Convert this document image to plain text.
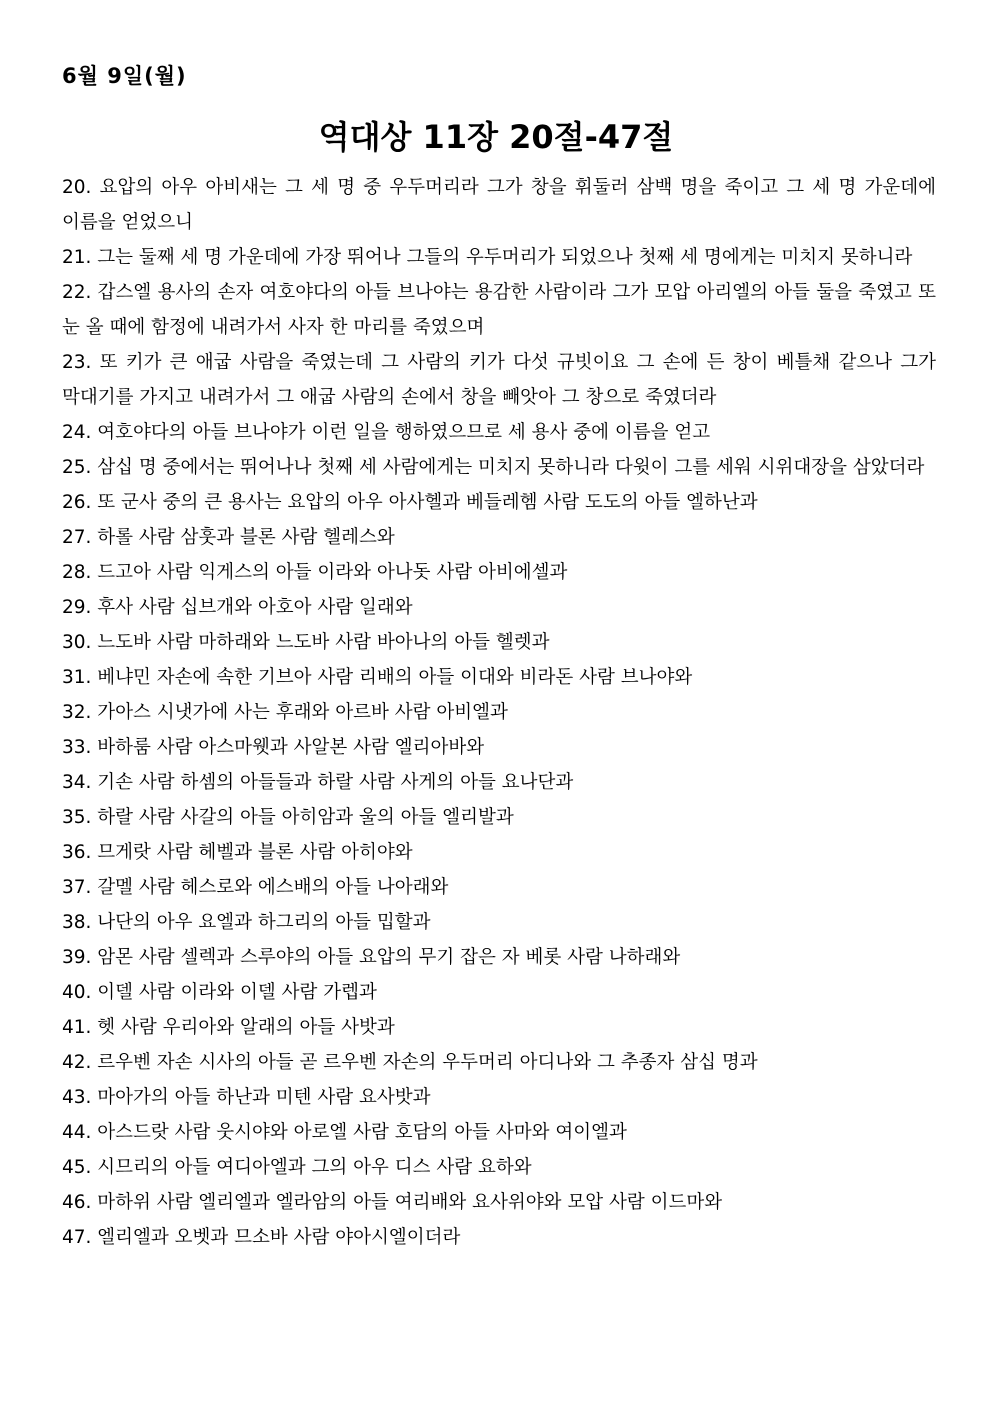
6월 9일(월)
역대상 11장 20절-47절
20. 요압의 아우 아비새는 그 세 명 중 우두머리라 그가 창을 휘둘러 삼백 명을 죽이고 그 세 명 가운데에 이름을 얻었으니
21. 그는 둘째 세 명 가운데에 가장 뛰어나 그들의 우두머리가 되었으나 첫째 세 명에게는 미치지 못하니라
22. 갑스엘 용사의 손자 여호야다의 아들 브나야는 용감한 사람이라 그가 모압 아리엘의 아들 둘을 죽였고 또 눈 올 때에 함정에 내려가서 사자 한 마리를 죽였으며
23. 또 키가 큰 애굽 사람을 죽였는데 그 사람의 키가 다섯 규빗이요 그 손에 든 창이 베틀채 같으나 그가 막대기를 가지고 내려가서 그 애굽 사람의 손에서 창을 빼앗아 그 창으로 죽였더라
24. 여호야다의 아들 브나야가 이런 일을 행하였으므로 세 용사 중에 이름을 얻고
25. 삼십 명 중에서는 뛰어나나 첫째 세 사람에게는 미치지 못하니라 다윗이 그를 세워 시위대장을 삼았더라
26. 또 군사 중의 큰 용사는 요압의 아우 아사헬과 베들레헴 사람 도도의 아들 엘하난과
27. 하롤 사람 삼훗과 블론 사람 헬레스와
28. 드고아 사람 익게스의 아들 이라와 아나돗 사람 아비에셀과
29. 후사 사람 십브개와 아호아 사람 일래와
30. 느도바 사람 마하래와 느도바 사람 바아나의 아들 헬렛과
31. 베냐민 자손에 속한 기브아 사람 리배의 아들 이대와 비라돈 사람 브나야와
32. 가아스 시냇가에 사는 후래와 아르바 사람 아비엘과
33. 바하룸 사람 아스마웻과 사알본 사람 엘리아바와
34. 기손 사람 하셈의 아들들과 하랄 사람 사게의 아들 요나단과
35. 하랄 사람 사갈의 아들 아히암과 울의 아들 엘리발과
36. 므게랏 사람 헤벨과 블론 사람 아히야와
37. 갈멜 사람 헤스로와 에스배의 아들 나아래와
38. 나단의 아우 요엘과 하그리의 아들 밉할과
39. 암몬 사람 셀렉과 스루야의 아들 요압의 무기 잡은 자 베롯 사람 나하래와
40. 이델 사람 이라와 이델 사람 가렙과
41. 헷 사람 우리아와 알래의 아들 사밧과
42. 르우벤 자손 시사의 아들 곧 르우벤 자손의 우두머리 아디나와 그 추종자 삼십 명과
43. 마아가의 아들 하난과 미텐 사람 요사밧과
44. 아스드랏 사람 웃시야와 아로엘 사람 호담의 아들 사마와 여이엘과
45. 시므리의 아들 여디아엘과 그의 아우 디스 사람 요하와
46. 마하위 사람 엘리엘과 엘라암의 아들 여리배와 요사위야와 모압 사람 이드마와
47. 엘리엘과 오벳과 므소바 사람 야아시엘이더라
